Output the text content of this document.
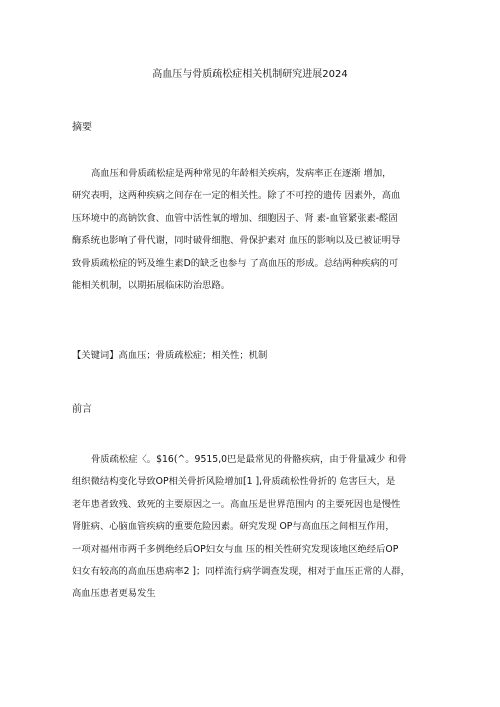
高血压与骨质疏松症相关机制研究进展2024
摘要
高血压和骨质疏松症是两种常见的年龄相关疾病，发病率正在逐渐 增加，
研究表明，这两种疾病之间存在一定的相关性。除了不可控的遗传 因素外，高血
压环境中的高钠饮食、血管中活性氧的增加、细胞因子、肾 素-血管紧张素-醛固
酶系统也影响了骨代谢，同时破骨细胞、骨保护素对 血压的影响以及已被证明导
致骨质疏松症的钙及维生素D的缺乏也参与 了高血压的形成。总结两种疾病的可
能相关机制，以期拓展临床防治思路。
【关键词】高血压；骨质疏松症；相关性；机制
前言
骨质疏松症〈。$16(^。9515,0巴是最常见的骨骼疾病，由于骨量减少 和骨
组织微结构变化导致OP相关骨折风险增加[1 ],骨质疏松性骨折的 危害巨大，是
老年患者致残、致死的主要原因之一。高血压是世界范围内 的主要死因也是慢性
肾脏病、心脑血管疾病的重要危险因素。研究发现 OP与高血压之间相互作用，
一项对福州市两千多例绝经后OP妇女与血 压的相关性研究发现该地区绝经后OP
妇女有较高的高血压患病率2 ]；同样流行病学调查发现，相对于血压正常的人群，
高血压患者更易发生
